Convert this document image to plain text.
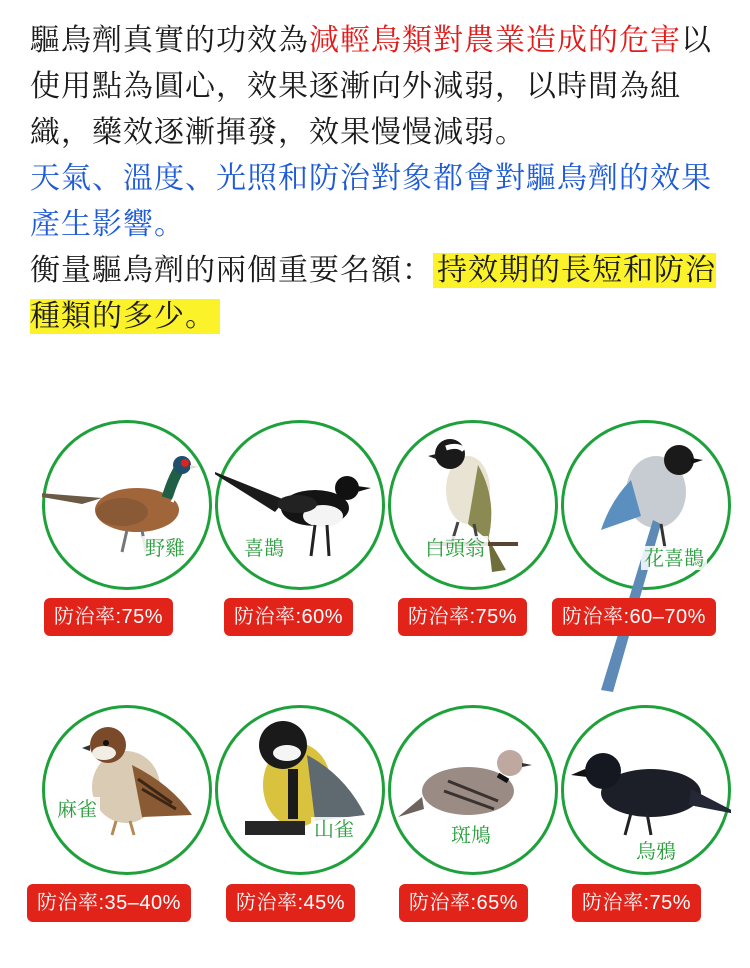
驅鳥劑真實的功效為減輕鳥類對農業造成的危害以使用點為圓心，效果逐漸向外減弱，以時間為組織，藥效逐漸揮發，效果慢慢減弱。
天氣、溫度、光照和防治對象都會對驅鳥劑的效果產生影響。
衡量驅鳥劑的兩個重要名額： 持效期的長短和防治種類的多少。
野雞
防治率:75%
喜鵲
防治率:60%
白頭翁
防治率:75%
花喜鵲
防治率:60–70%
麻雀
防治率:35–40%
山雀
防治率:45%
斑鳩
防治率:65%
烏鴉
防治率:75%
